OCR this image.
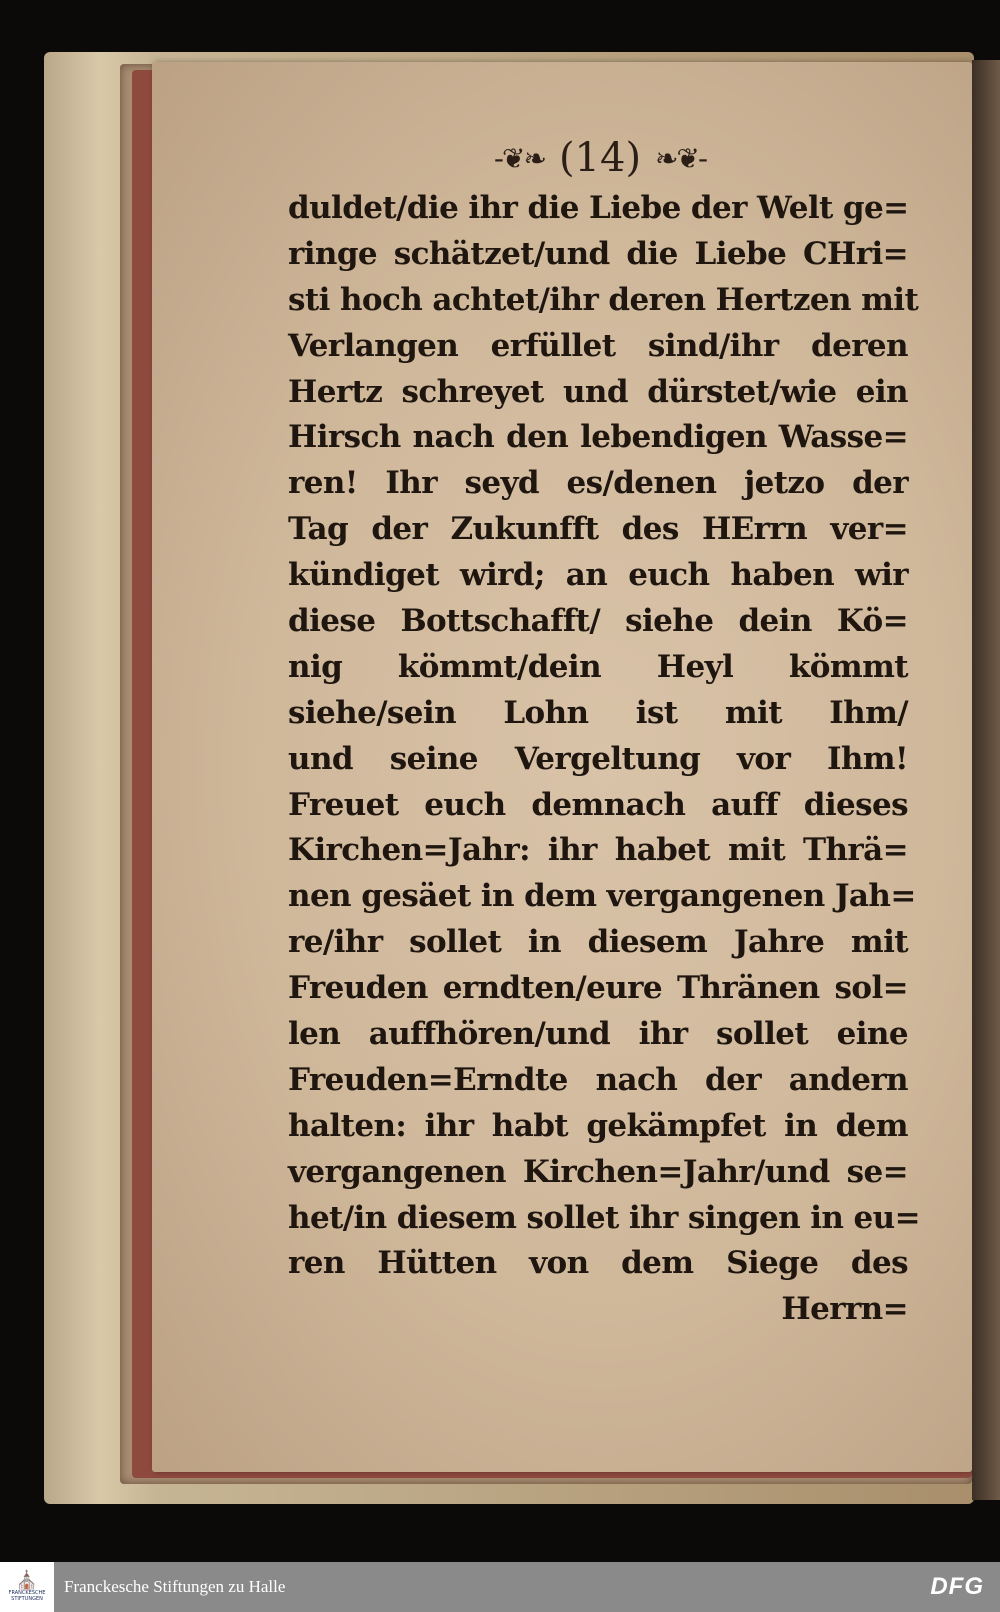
-❦❧ (14) ❧❦-
duldet/die ihr die Liebe der Welt ge=
ringe schätzet/und die Liebe CHri=
sti hoch achtet/ihr deren Hertzen mit
Verlangen erfüllet sind/ihr deren
Hertz schreyet und dürstet/wie ein
Hirsch nach den lebendigen Wasse=
ren! Ihr seyd es/denen jetzo der
Tag der Zukunfft des HErrn ver=
kündiget wird; an euch haben wir
diese Bottschafft/ siehe dein Kö=
nig kömmt/dein Heyl kömmt
siehe/sein Lohn ist mit Ihm/
und seine Vergeltung vor Ihm!
Freuet euch demnach auff dieses
Kirchen=Jahr: ihr habet mit Thrä=
nen gesäet in dem vergangenen Jah=
re/ihr sollet in diesem Jahre mit
Freuden erndten/eure Thränen sol=
len auffhören/und ihr sollet eine
Freuden=Erndte nach der andern
halten: ihr habt gekämpfet in dem
vergangenen Kirchen=Jahr/und se=
het/in diesem sollet ihr singen in eu=
ren Hütten von dem Siege des
Herrn=
⛪
FRANCKESCHE STIFTUNGEN
Franckesche Stiftungen zu Halle	DFG
